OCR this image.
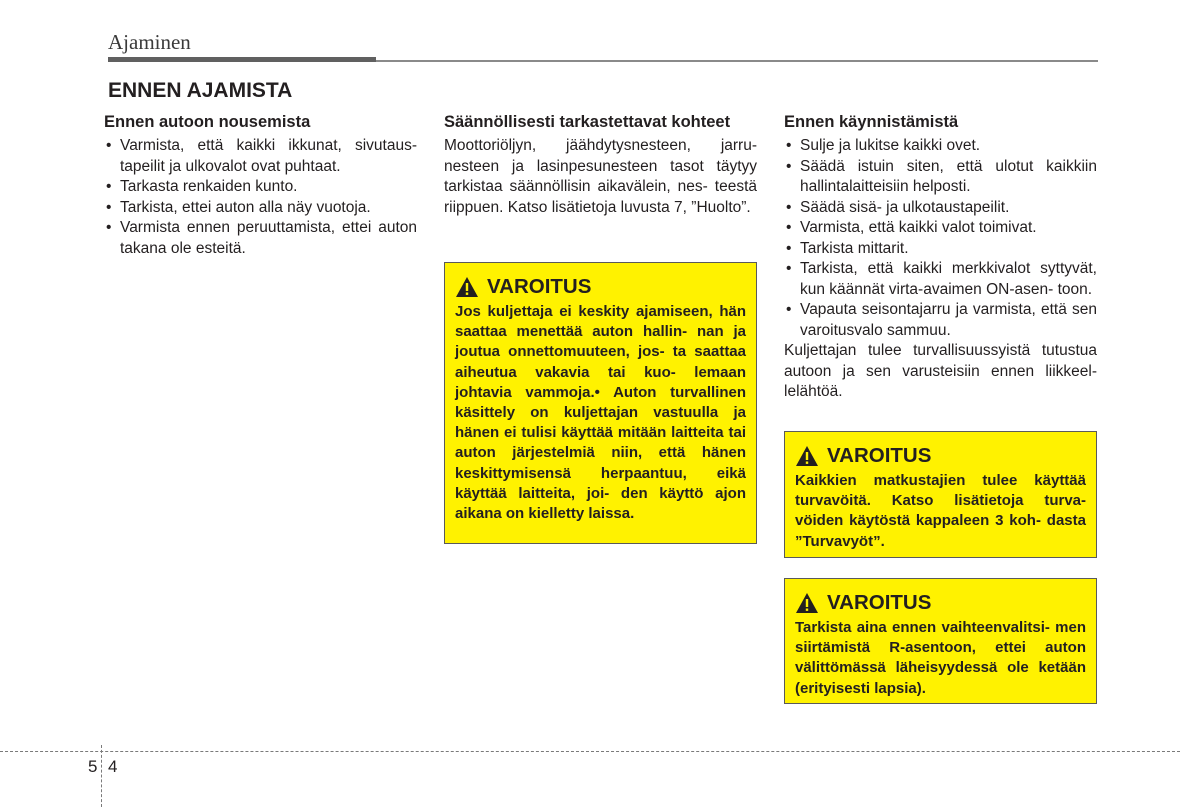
Ajaminen
ENNEN AJAMISTA
Ennen autoon nousemista
• Varmista, että kaikki ikkunat, sivutaus- tapeilit ja ulkovalot ovat puhtaat.
• Tarkasta renkaiden kunto.
• Tarkista, ettei auton alla näy vuotoja.
• Varmista ennen peruuttamista, ettei auton takana ole esteitä.
Säännöllisesti tarkastettavat kohteet

Moottoriöljyn, jäähdytysnesteen, jarru- nesteen ja lasinpesunesteen tasot täytyy tarkistaa säännöllisin aikavälein, nes- teestä riippuen. Katso lisätietoja luvusta 7, ”Huolto”.

VAROITUS

Jos kuljettaja ei keskity ajamiseen, hän saattaa menettää auton hallin- nan ja joutua onnettomuuteen, jos- ta saattaa aiheutua vakavia tai kuo- lemaan johtavia vammoja.• Auton turvallinen käsittely on kuljettajan vastuulla ja hänen ei tulisi käyttää mitään laitteita tai auton järjestelmiä niin, että hänen keskittymisensä herpaantuu, eikä käyttää laitteita, joi- den käyttö ajon aikana on kielletty laissa.

Ennen käynnistämistä
• Sulje ja lukitse kaikki ovet.
• Säädä istuin siten, että ulotut kaikkiin hallintalaitteisiin helposti.
• Säädä sisä- ja ulkotaustapeilit.
• Varmista, että kaikki valot toimivat.
• Tarkista mittarit.
• Tarkista, että kaikki merkkivalot syttyvät, kun käännät virta-avaimen ON-asen- toon.
• Vapauta seisontajarru ja varmista, että sen varoitusvalo sammuu.

Kuljettajan tulee turvallisuussyistä tutustua autoon ja sen varusteisiin ennen liikkeel- lelähtöä.

VAROITUS

Kaikkien matkustajien tulee käyttää turvavöitä. Katso lisätietoja turva- vöiden käytöstä kappaleen 3 koh- dasta ”Turvavyöt”.

VAROITUS

Tarkista aina ennen vaihteenvalitsi- men siirtämistä R-asentoon, ettei auton välittömässä läheisyydessä ole ketään (erityisesti lapsia).

5 4
